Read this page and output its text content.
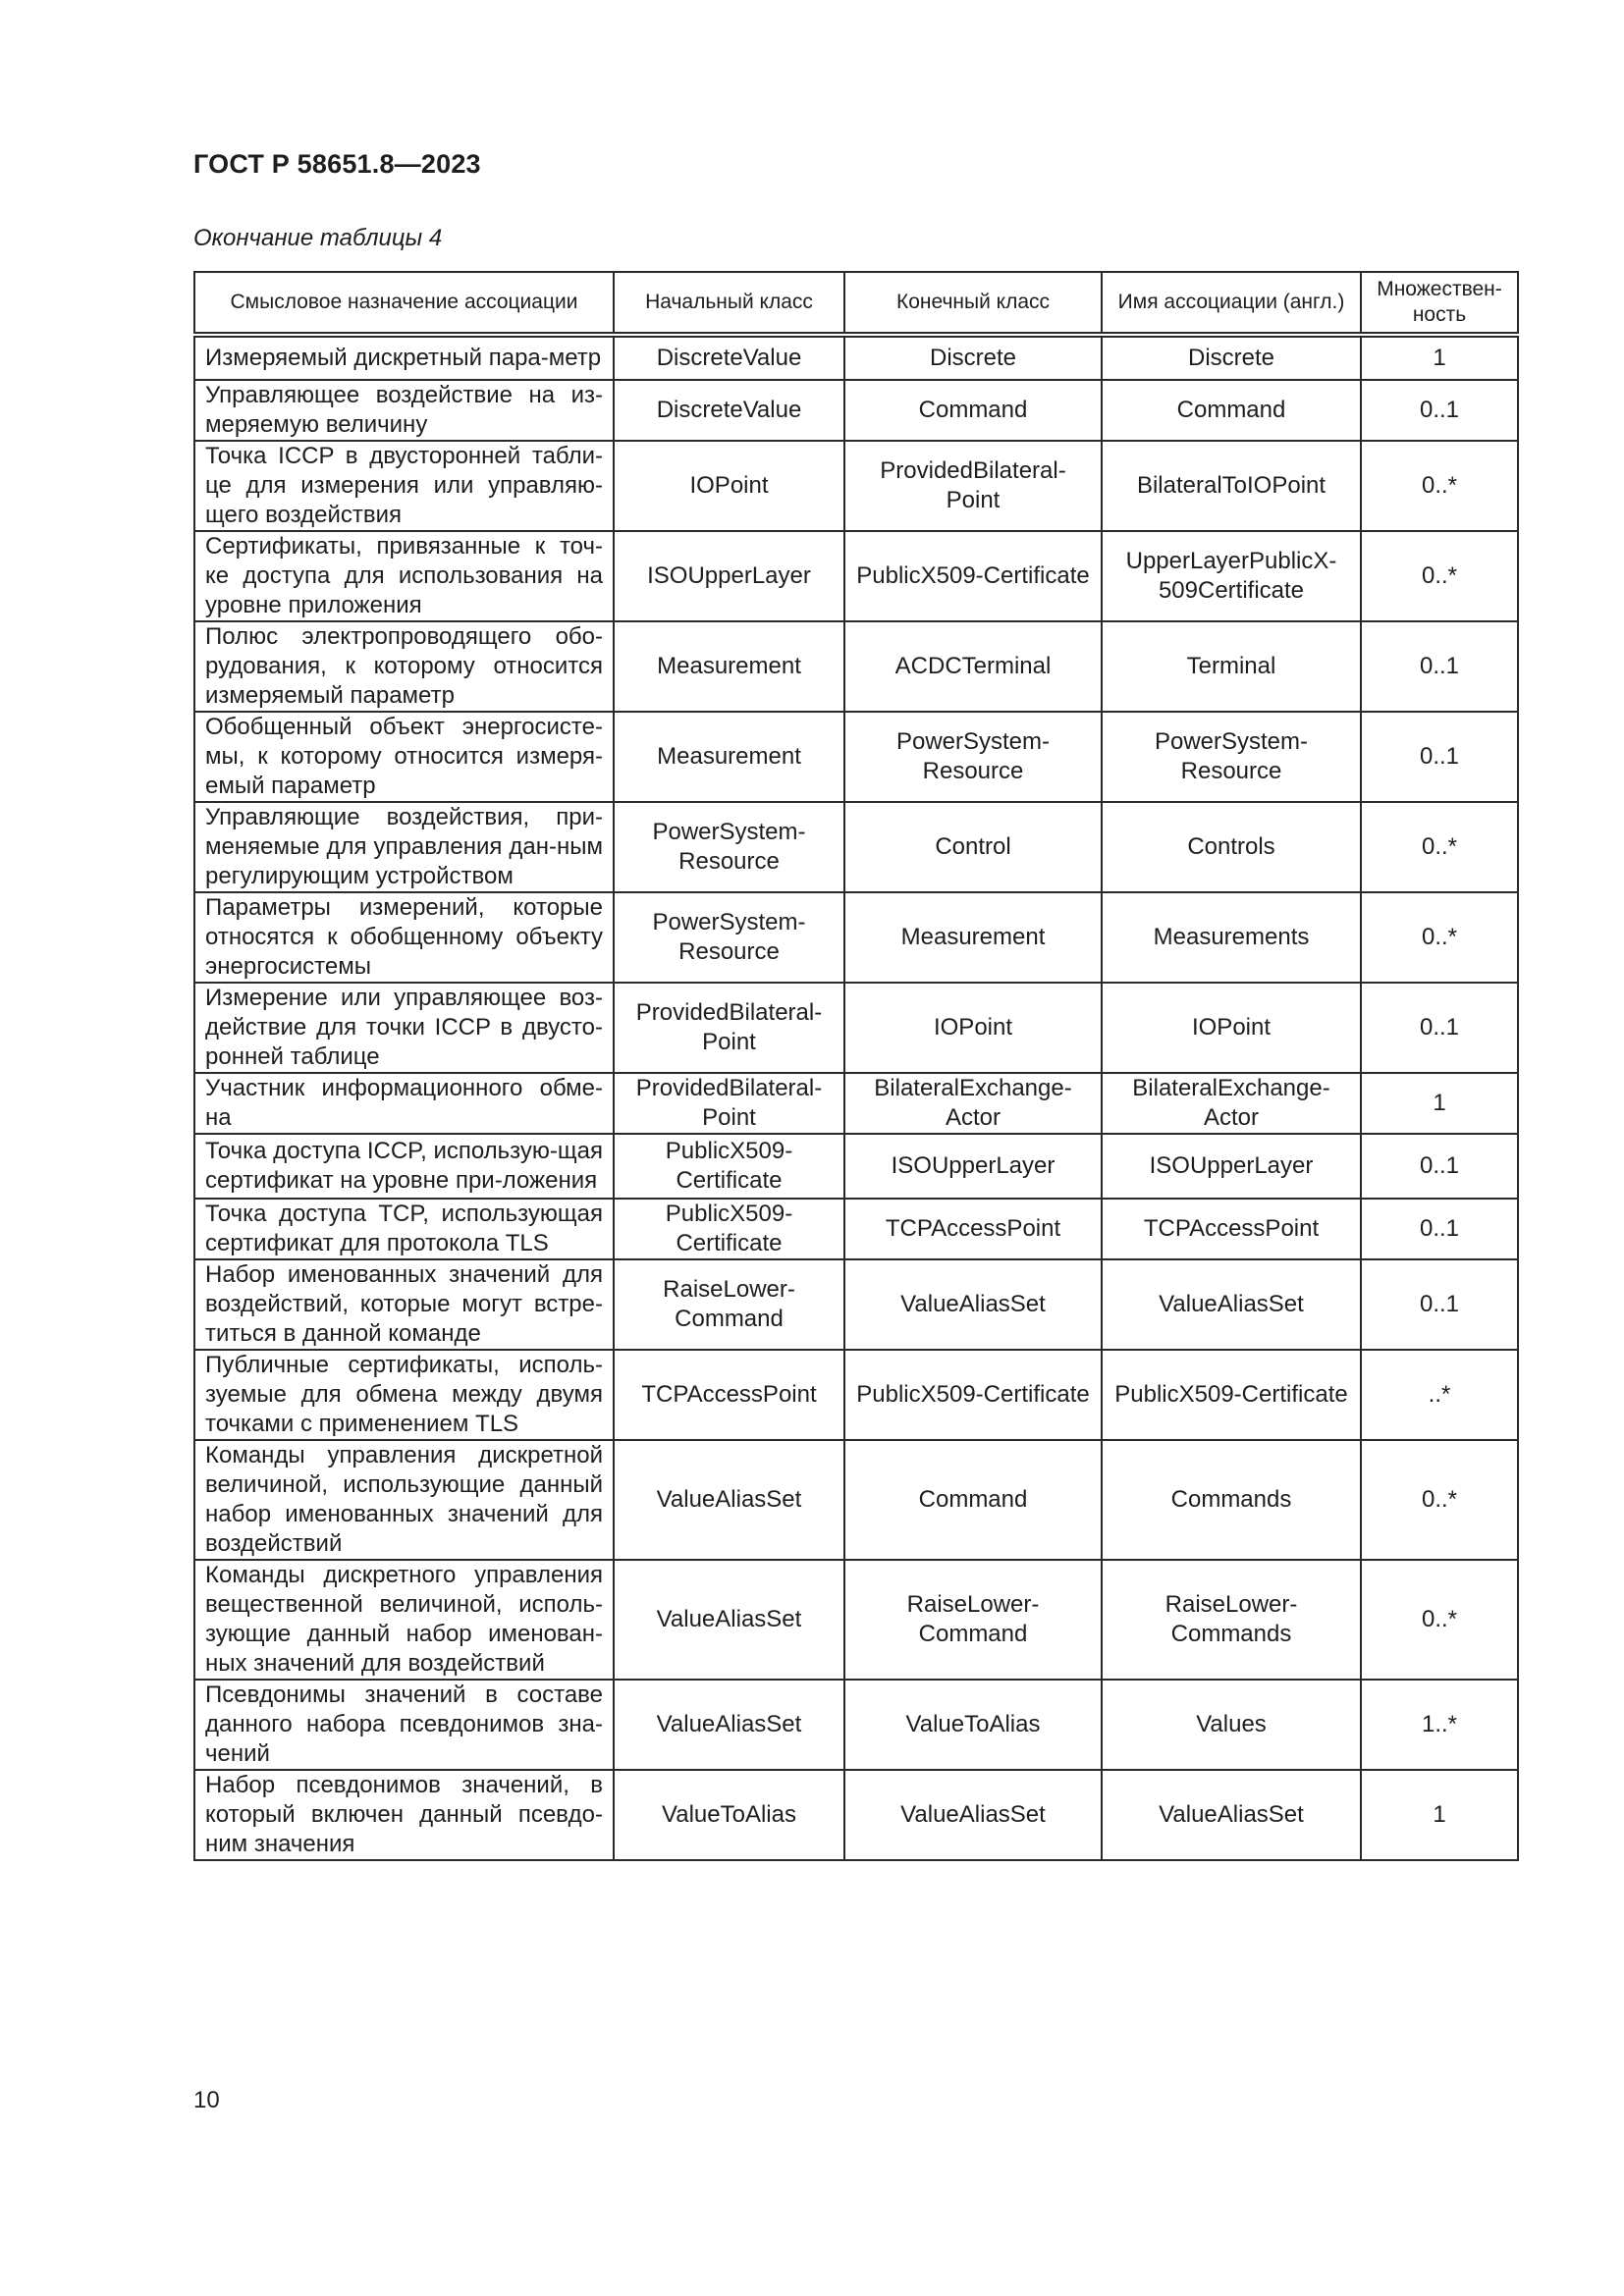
ГОСТ Р 58651.8—2023
Окончание таблицы 4
Смысловое назначение ассоциации	Начальный класс	Конечный класс	Имя ассоциации (англ.)	Множествен-ность
Измеряемый дискретный пара-метр	DiscreteValue	Discrete	Discrete	1
Управляющее воздействие на из-меряемую величину	DiscreteValue	Command	Command	0..1
Точка ICCP в двусторонней табли-це для измерения или управляю-щего воздействия	IOPoint	ProvidedBilateral-Point	BilateralToIOPoint	0..*
Сертификаты, привязанные к точ-ке доступа для использования на уровне приложения	ISOUpperLayer	PublicX509-Certificate	UpperLayerPublicX-509Certificate	0..*
Полюс электропроводящего обо-рудования, к которому относится измеряемый параметр	Measurement	ACDCTerminal	Terminal	0..1
Обобщенный объект энергосисте-мы, к которому относится измеря-емый параметр	Measurement	PowerSystem-Resource	PowerSystem-Resource	0..1
Управляющие воздействия, при-меняемые для управления дан-ным регулирующим устройством	PowerSystem-Resource	Control	Controls	0..*
Параметры измерений, которые относятся к обобщенному объекту энергосистемы	PowerSystem-Resource	Measurement	Measurements	0..*
Измерение или управляющее воз-действие для точки ICCP в двусто-ронней таблице	ProvidedBilateral-Point	IOPoint	IOPoint	0..1
Участник информационного обме-на	ProvidedBilateral-Point	BilateralExchange-Actor	BilateralExchange-Actor	1
Точка доступа ICCP, использую-щая сертификат на уровне при-ложения	PublicX509-Certificate	ISOUpperLayer	ISOUpperLayer	0..1
Точка доступа TCP, использующая сертификат для протокола TLS	PublicX509-Certificate	TCPAccessPoint	TCPAccessPoint	0..1
Набор именованных значений для воздействий, которые могут встре-титься в данной команде	RaiseLower-Command	ValueAliasSet	ValueAliasSet	0..1
Публичные сертификаты, исполь-зуемые для обмена между двумя точками с применением TLS	TCPAccessPoint	PublicX509-Certificate	PublicX509-Certificate	..*
Команды управления дискретной величиной, использующие данный набор именованных значений для воздействий	ValueAliasSet	Command	Commands	0..*
Команды дискретного управления вещественной величиной, исполь-зующие данный набор именован-ных значений для воздействий	ValueAliasSet	RaiseLower-Command	RaiseLower-Commands	0..*
Псевдонимы значений в составе данного набора псевдонимов зна-чений	ValueAliasSet	ValueToAlias	Values	1..*
Набор псевдонимов значений, в который включен данный псевдо-ним значения	ValueToAlias	ValueAliasSet	ValueAliasSet	1
10
